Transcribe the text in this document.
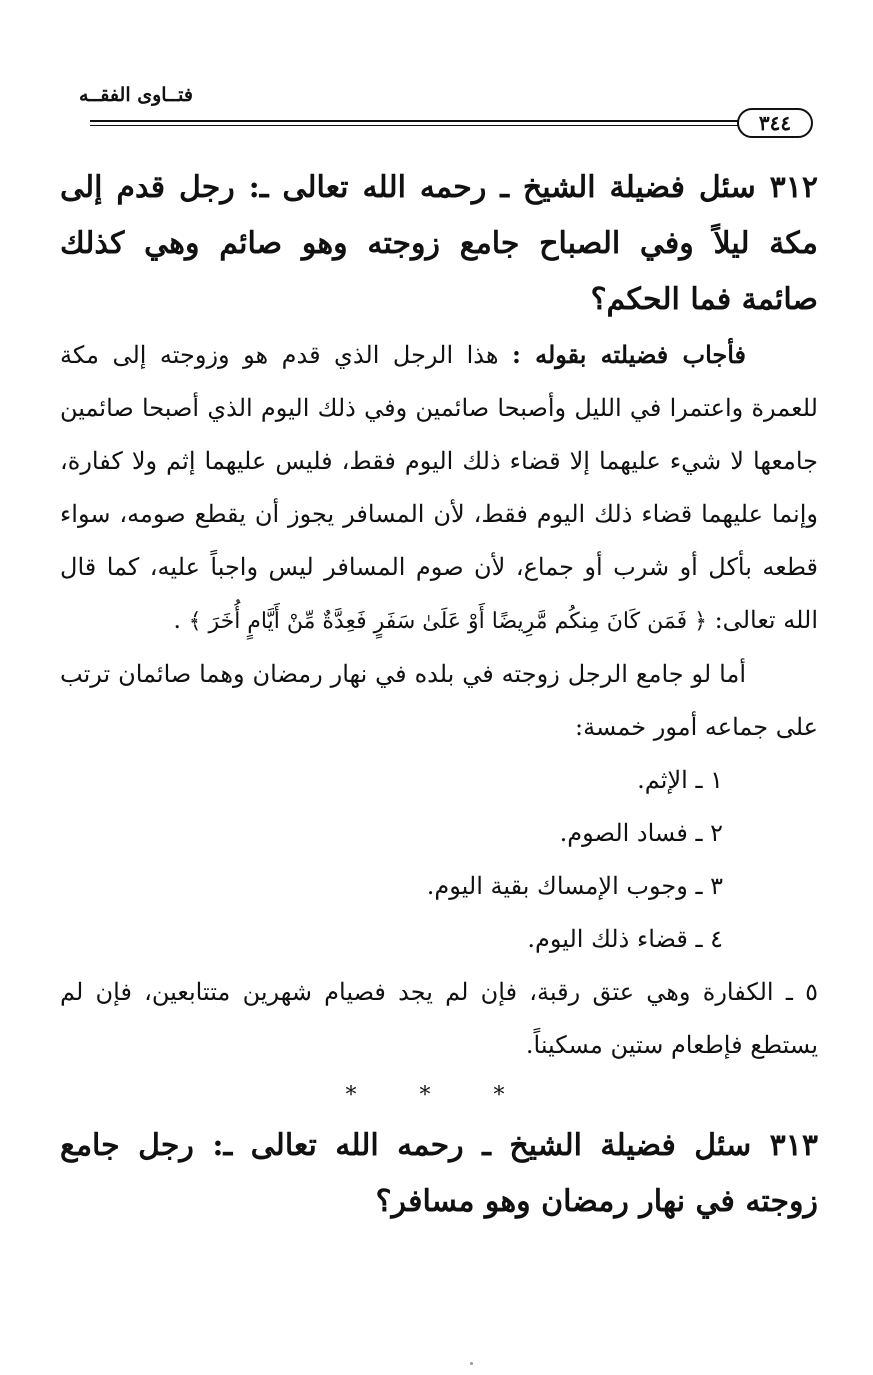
فتــاوى الفقــه
٣٤٤

٣١٢ سئل فضيلة الشيخ ـ رحمه الله تعالى ـ: رجل قدم إلى مكة ليلاً وفي الصباح جامع زوجته وهو صائم وهي كذلك صائمة فما الحكم؟

فأجاب فضيلته بقوله : هذا الرجل الذي قدم هو وزوجته إلى مكة للعمرة واعتمرا في الليل وأصبحا صائمين وفي ذلك اليوم الذي أصبحا صائمين جامعها لا شيء عليهما إلا قضاء ذلك اليوم فقط، فليس عليهما إثم ولا كفارة، وإنما عليهما قضاء ذلك اليوم فقط، لأن المسافر يجوز أن يقطع صومه، سواء قطعه بأكل أو شرب أو جماع، لأن صوم المسافر ليس واجباً عليه، كما قال الله تعالى: ﴿ فَمَن كَانَ مِنكُم مَّرِيضًا أَوْ عَلَىٰ سَفَرٍ فَعِدَّةٌ مِّنْ أَيَّامٍ أُخَرَ ﴾ .

أما لو جامع الرجل زوجته في بلده في نهار رمضان وهما صائمان ترتب على جماعه أمور خمسة:

١ ـ الإثم.

٢ ـ فساد الصوم.

٣ ـ وجوب الإمساك بقية اليوم.

٤ ـ قضاء ذلك اليوم.

٥ ـ الكفارة وهي عتق رقبة، فإن لم يجد فصيام شهرين متتابعين، فإن لم يستطع فإطعام ستين مسكيناً.

* * *

٣١٣ سئل فضيلة الشيخ ـ رحمه الله تعالى ـ: رجل جامع زوجته في نهار رمضان وهو مسافر؟
